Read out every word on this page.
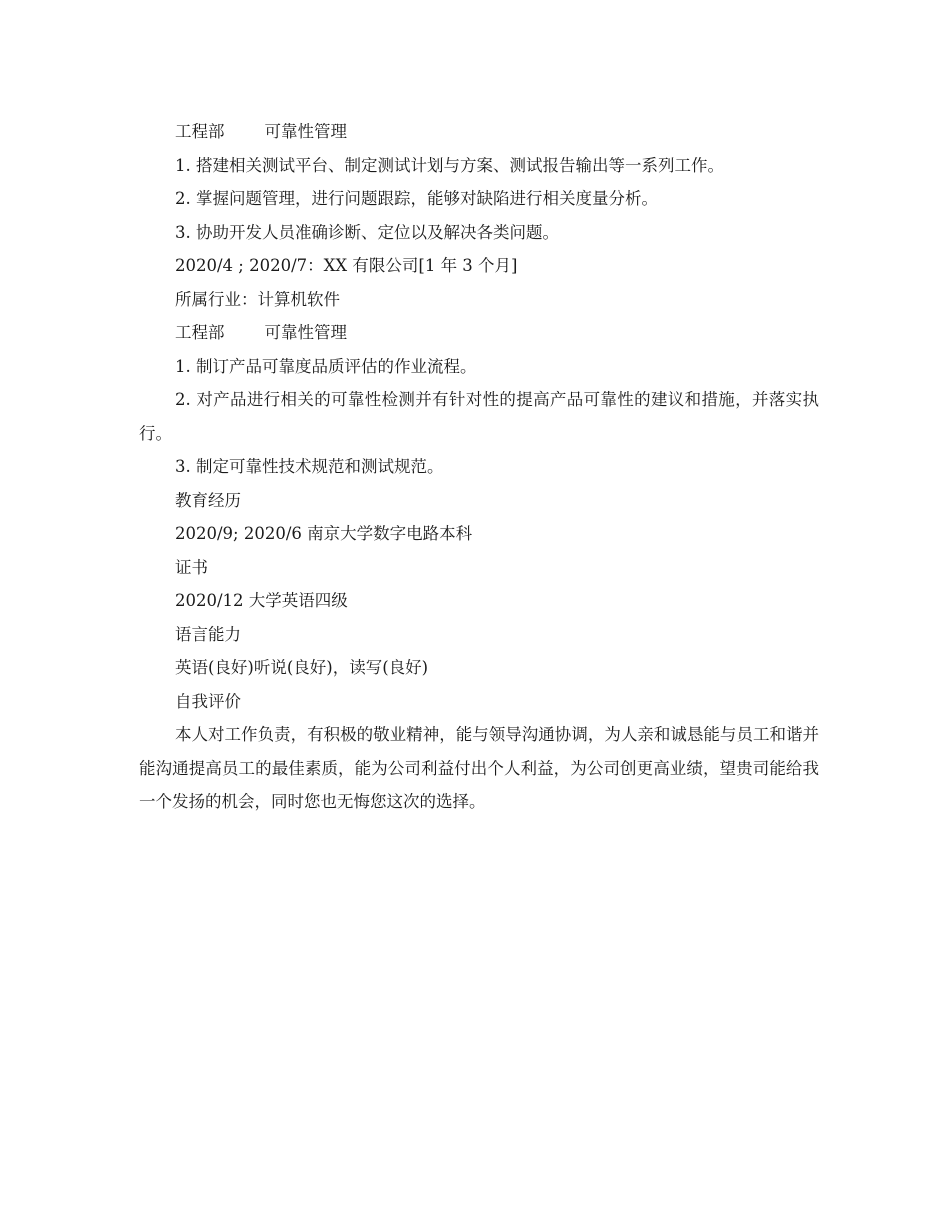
工程部 可靠性管理
1. 搭建相关测试平台、制定测试计划与方案、测试报告输出等一系列工作。
2. 掌握问题管理，进行问题跟踪，能够对缺陷进行相关度量分析。
3. 协助开发人员准确诊断、定位以及解决各类问题。
2020/4 ; 2020/7：XX 有限公司[1 年 3 个月]
所属行业：计算机软件
工程部 可靠性管理
1. 制订产品可靠度品质评估的作业流程。
2. 对产品进行相关的可靠性检测并有针对性的提高产品可靠性的建议和措施，并落实执行。
3. 制定可靠性技术规范和测试规范。
教育经历
2020/9; 2020/6 南京大学数字电路本科
证书
2020/12 大学英语四级
语言能力
英语(良好)听说(良好)，读写(良好)
自我评价
本人对工作负责，有积极的敬业精神，能与领导沟通协调，为人亲和诚恳能与员工和谐并能沟通提高员工的最佳素质，能为公司利益付出个人利益，为公司创更高业绩，望贵司能给我一个发扬的机会，同时您也无悔您这次的选择。
